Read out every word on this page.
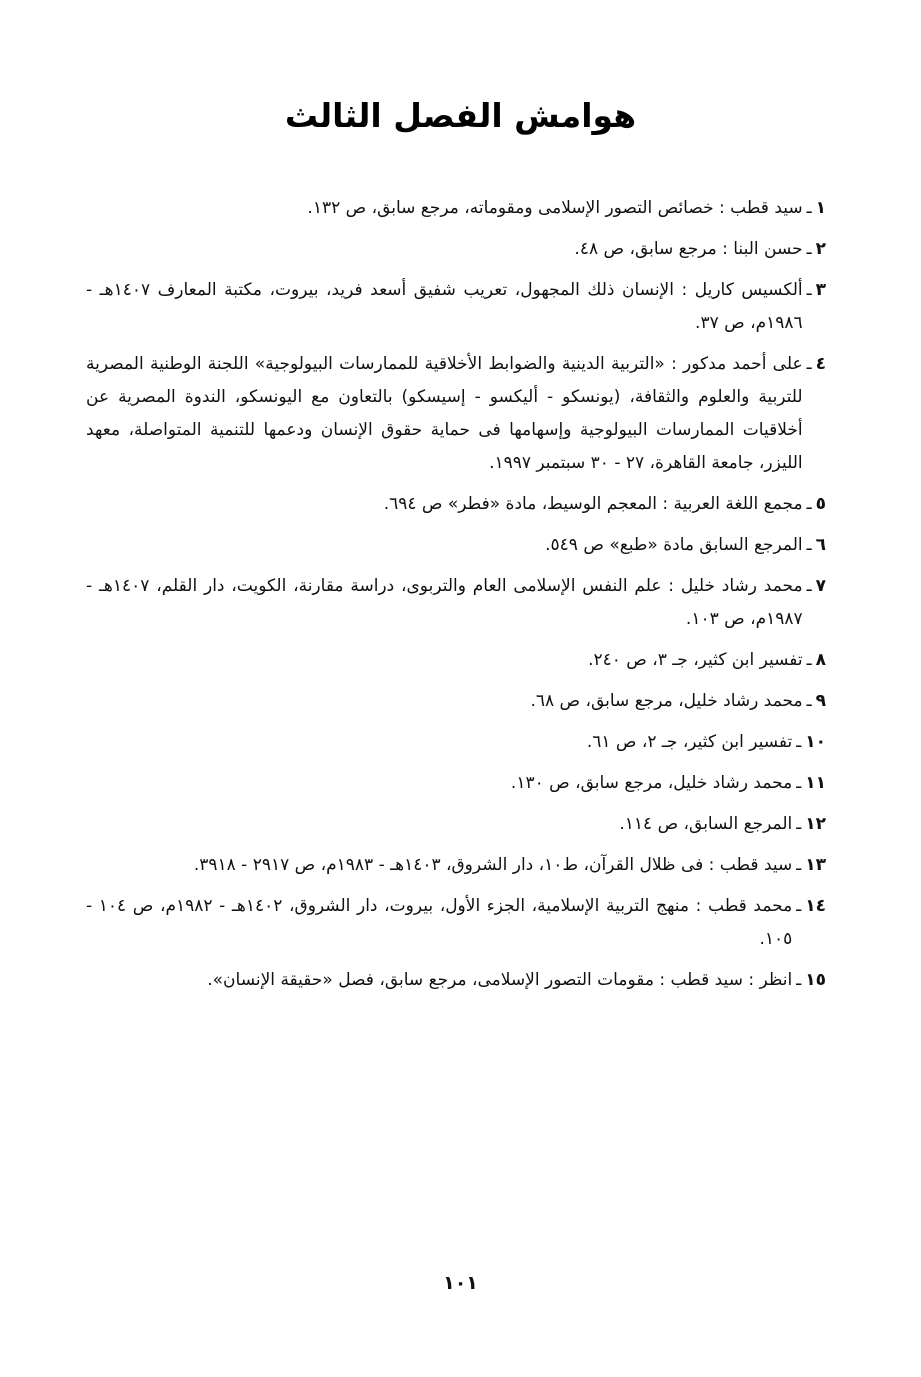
هوامش الفصل الثالث
١
ـ
سيد قطب : خصائص التصور الإسلامى ومقوماته، مرجع سابق، ص ١٣٢.
٢
ـ
حسن البنا : مرجع سابق، ص ٤٨.
٣
ـ
ألكسيس كاريل : الإنسان ذلك المجهول، تعريب شفيق أسعد فريد، بيروت، مكتبة المعارف ١٤٠٧هـ - ١٩٨٦م، ص ٣٧.
٤
ـ
على أحمد مدكور : «التربية الدينية والضوابط الأخلاقية للممارسات البيولوجية» اللجنة الوطنية المصرية للتربية والعلوم والثقافة، (يونسكو - أليكسو - إسيسكو) بالتعاون مع اليونسكو، الندوة المصرية عن أخلاقيات الممارسات البيولوجية وإسهامها فى حماية حقوق الإنسان ودعمها للتنمية المتواصلة، معهد الليزر، جامعة القاهرة، ٢٧ - ٣٠ سبتمبر ١٩٩٧.
٥
ـ
مجمع اللغة العربية : المعجم الوسيط، مادة «فطر» ص ٦٩٤.
٦
ـ
المرجع السابق مادة «طبع» ص ٥٤٩.
٧
ـ
محمد رشاد خليل : علم النفس الإسلامى العام والتربوى، دراسة مقارنة، الكويت، دار القلم، ١٤٠٧هـ - ١٩٨٧م، ص ١٠٣.
٨
ـ
تفسير ابن كثير، جـ ٣، ص ٢٤٠.
٩
ـ
محمد رشاد خليل، مرجع سابق، ص ٦٨.
١٠
ـ
تفسير ابن كثير، جـ ٢، ص ٦١.
١١
ـ
محمد رشاد خليل، مرجع سابق، ص ١٣٠.
١٢
ـ
المرجع السابق، ص ١١٤.
١٣
ـ
سيد قطب : فى ظلال القرآن، ط١٠، دار الشروق، ١٤٠٣هـ - ١٩٨٣م، ص ٢٩١٧ - ٣٩١٨.
١٤
ـ
محمد قطب : منهج التربية الإسلامية، الجزء الأول، بيروت، دار الشروق، ١٤٠٢هـ - ١٩٨٢م، ص ١٠٤ - ١٠٥.
١٥
ـ
انظر : سيد قطب : مقومات التصور الإسلامى، مرجع سابق، فصل «حقيقة الإنسان».
١٠١
